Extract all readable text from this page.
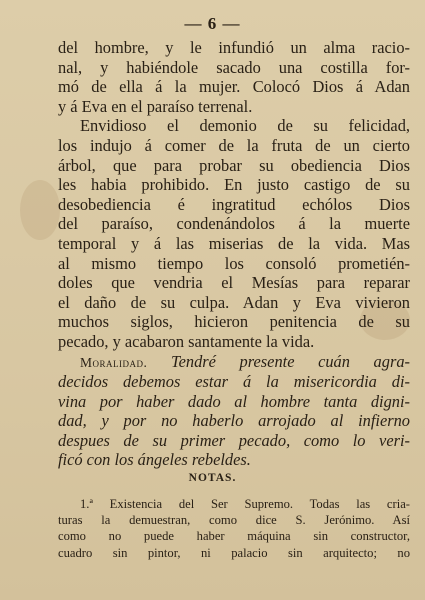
— 6 —
del hombre, y le infundió un alma racio-
nal, y habiéndole sacado una costilla for-
mó de ella á la mujer. Colocó Dios á Adan
y á Eva en el paraíso terrenal.
Envidioso el demonio de su felicidad,
los indujo á comer de la fruta de un cierto
árbol, que para probar su obediencia Dios
les habia prohibido. En justo castigo de su
desobediencia é ingratitud echólos Dios
del paraíso, condenándolos á la muerte
temporal y á las miserias de la vida. Mas
al mismo tiempo los consoló prometién-
doles que vendria el Mesías para reparar
el daño de su culpa. Adan y Eva vivieron
muchos siglos, hicieron penitencia de su
pecado, y acabaron santamente la vida.
Moralidad. Tendré presente cuán agra-
decidos debemos estar á la misericordia di-
vina por haber dado al hombre tanta digni-
dad, y por no haberlo arrojado al infierno
despues de su primer pecado, como lo veri-
ficó con los ángeles rebeldes.
NOTAS.
1.ª Existencia del Ser Supremo. Todas las cria-
turas la demuestran, como dice S. Jerónimo. Así
como no puede haber máquina sin constructor,
cuadro sin pintor, ni palacio sin arquitecto; no
